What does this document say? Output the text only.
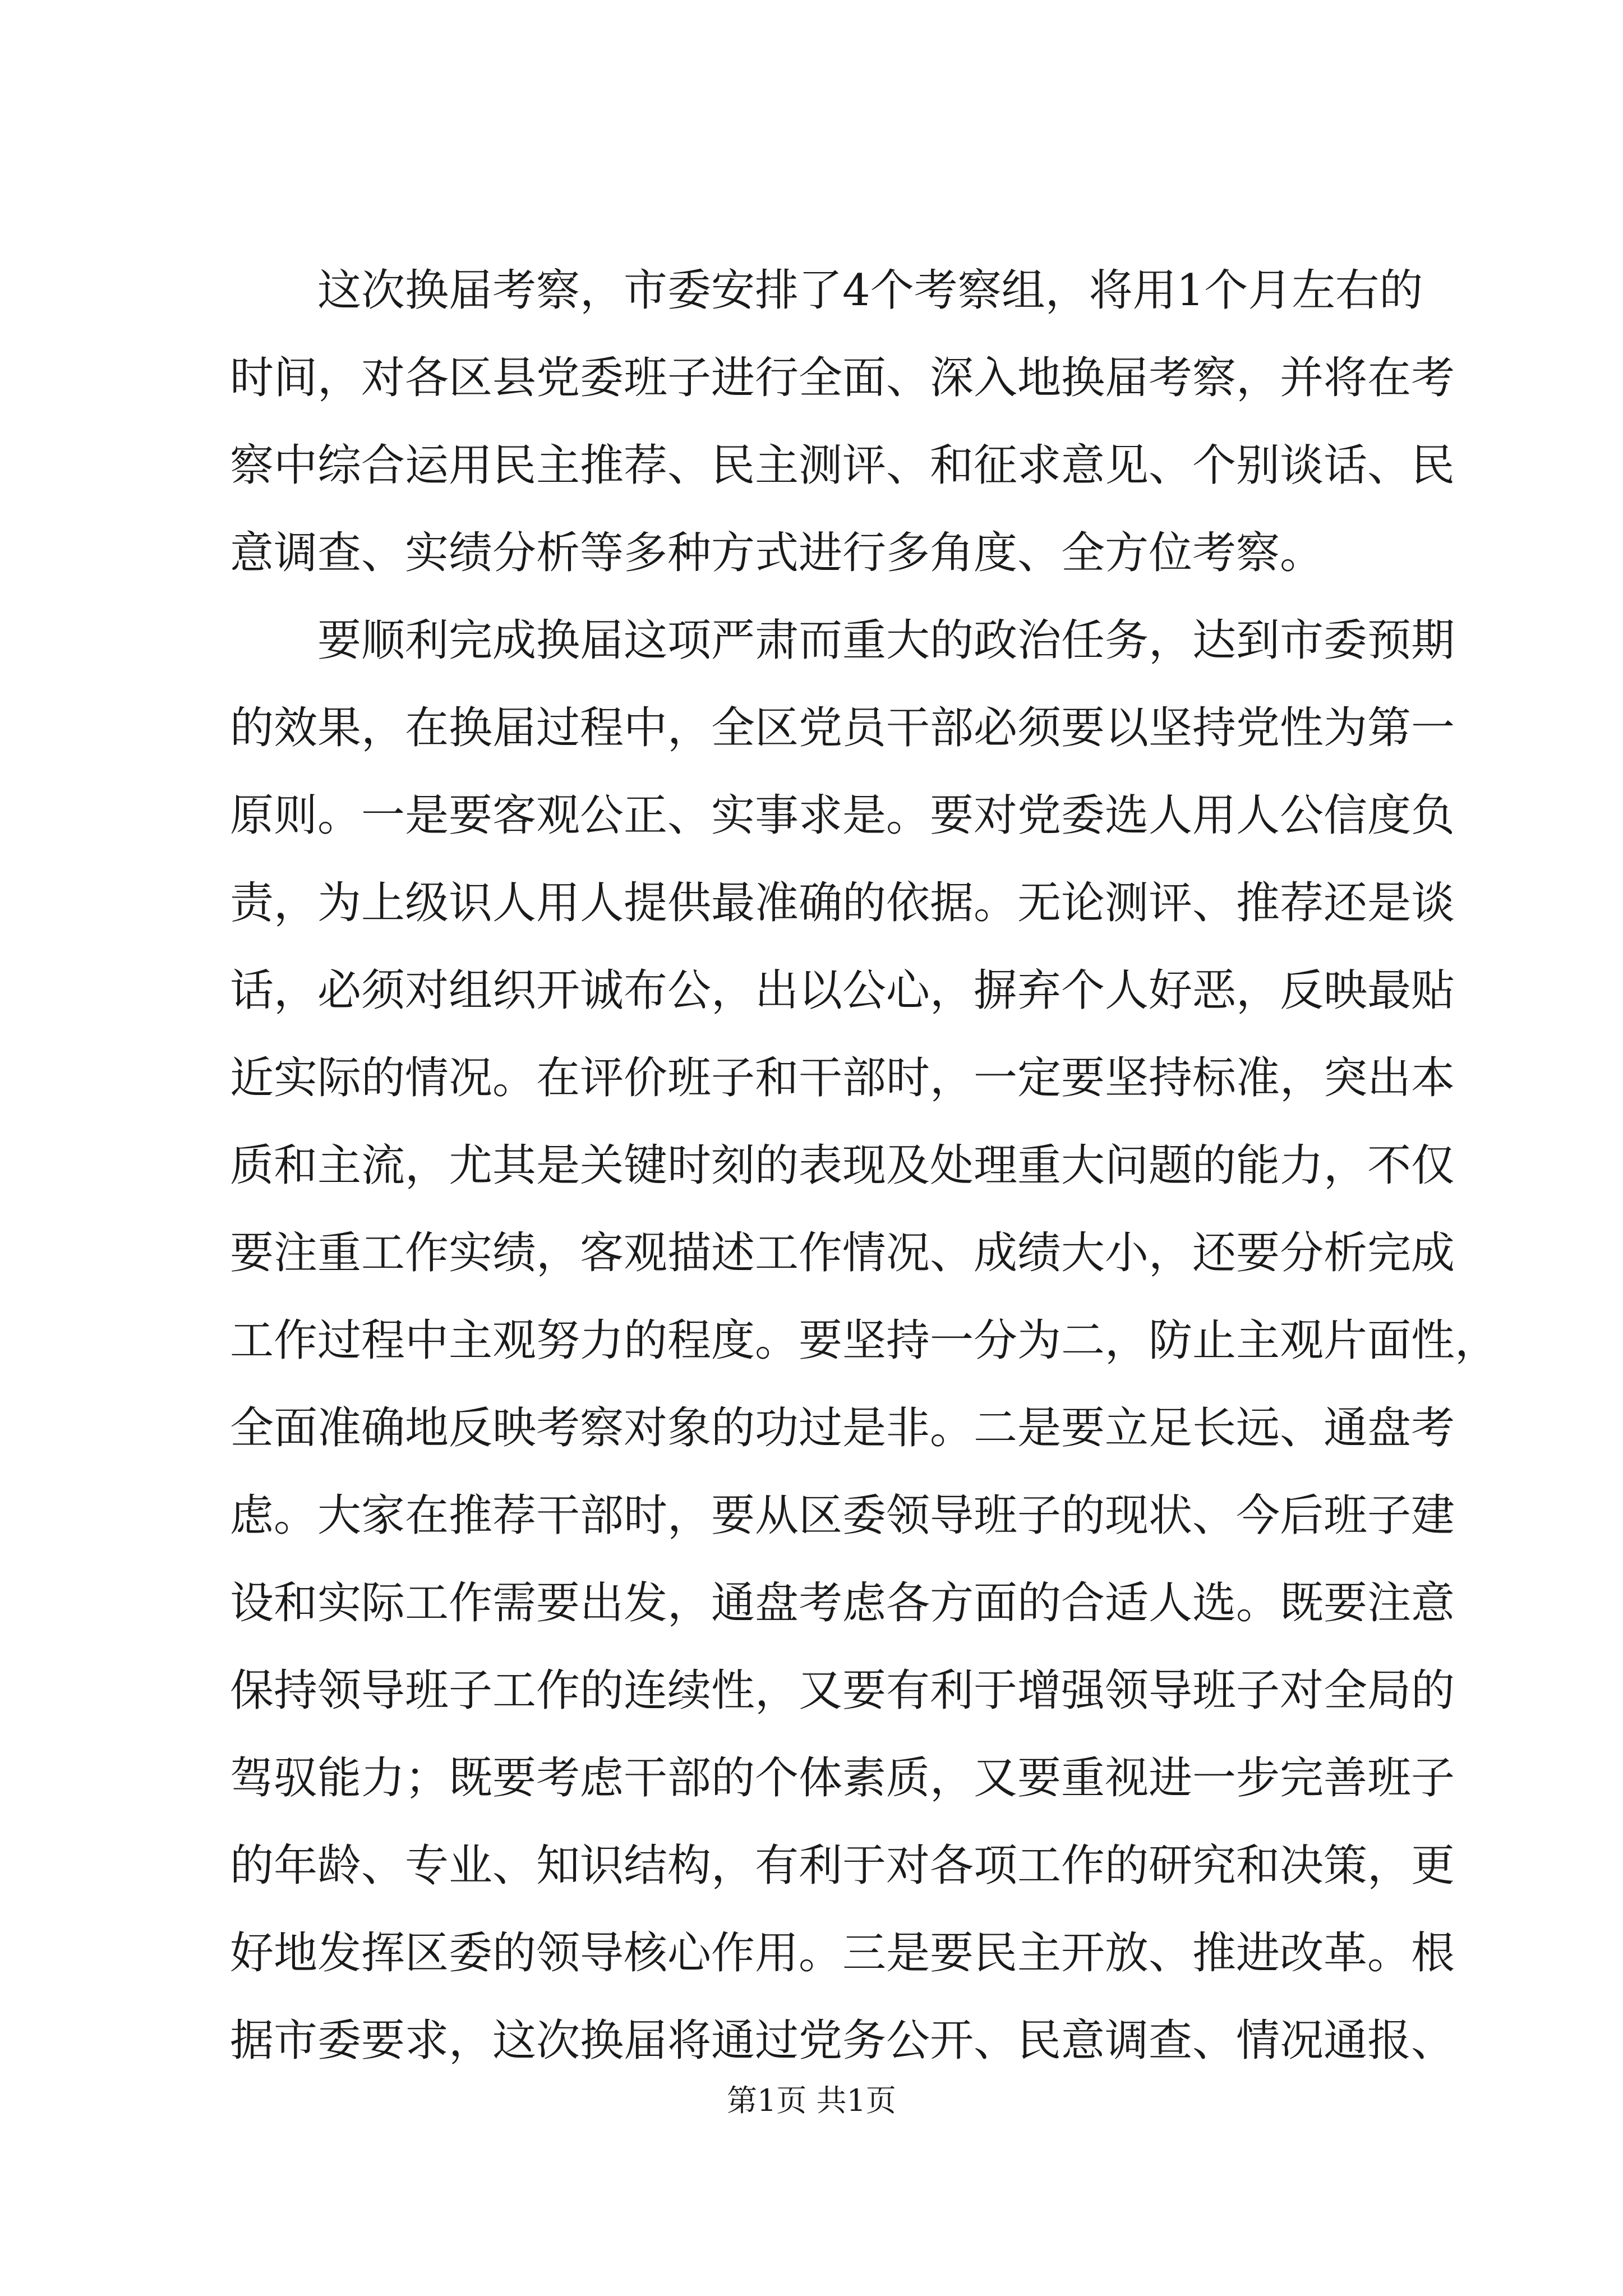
这次换届考察，市委安排了4个考察组，将用1个月左右的
时间，对各区县党委班子进行全面、深入地换届考察，并将在考
察中综合运用民主推荐、民主测评、和征求意见、个别谈话、民
意调查、实绩分析等多种方式进行多角度、全方位考察。
要顺利完成换届这项严肃而重大的政治任务，达到市委预期
的效果，在换届过程中，全区党员干部必须要以坚持党性为第一
原则。一是要客观公正、实事求是。要对党委选人用人公信度负
责，为上级识人用人提供最准确的依据。无论测评、推荐还是谈
话，必须对组织开诚布公，出以公心，摒弃个人好恶，反映最贴
近实际的情况。在评价班子和干部时，一定要坚持标准，突出本
质和主流，尤其是关键时刻的表现及处理重大问题的能力，不仅
要注重工作实绩，客观描述工作情况、成绩大小，还要分析完成
工作过程中主观努力的程度。要坚持一分为二，防止主观片面性，
全面准确地反映考察对象的功过是非。二是要立足长远、通盘考
虑。大家在推荐干部时，要从区委领导班子的现状、今后班子建
设和实际工作需要出发，通盘考虑各方面的合适人选。既要注意
保持领导班子工作的连续性，又要有利于增强领导班子对全局的
驾驭能力；既要考虑干部的个体素质，又要重视进一步完善班子
的年龄、专业、知识结构，有利于对各项工作的研究和决策，更
好地发挥区委的领导核心作用。三是要民主开放、推进改革。根
据市委要求，这次换届将通过党务公开、民意调查、情况通报、
第1页 共1页
